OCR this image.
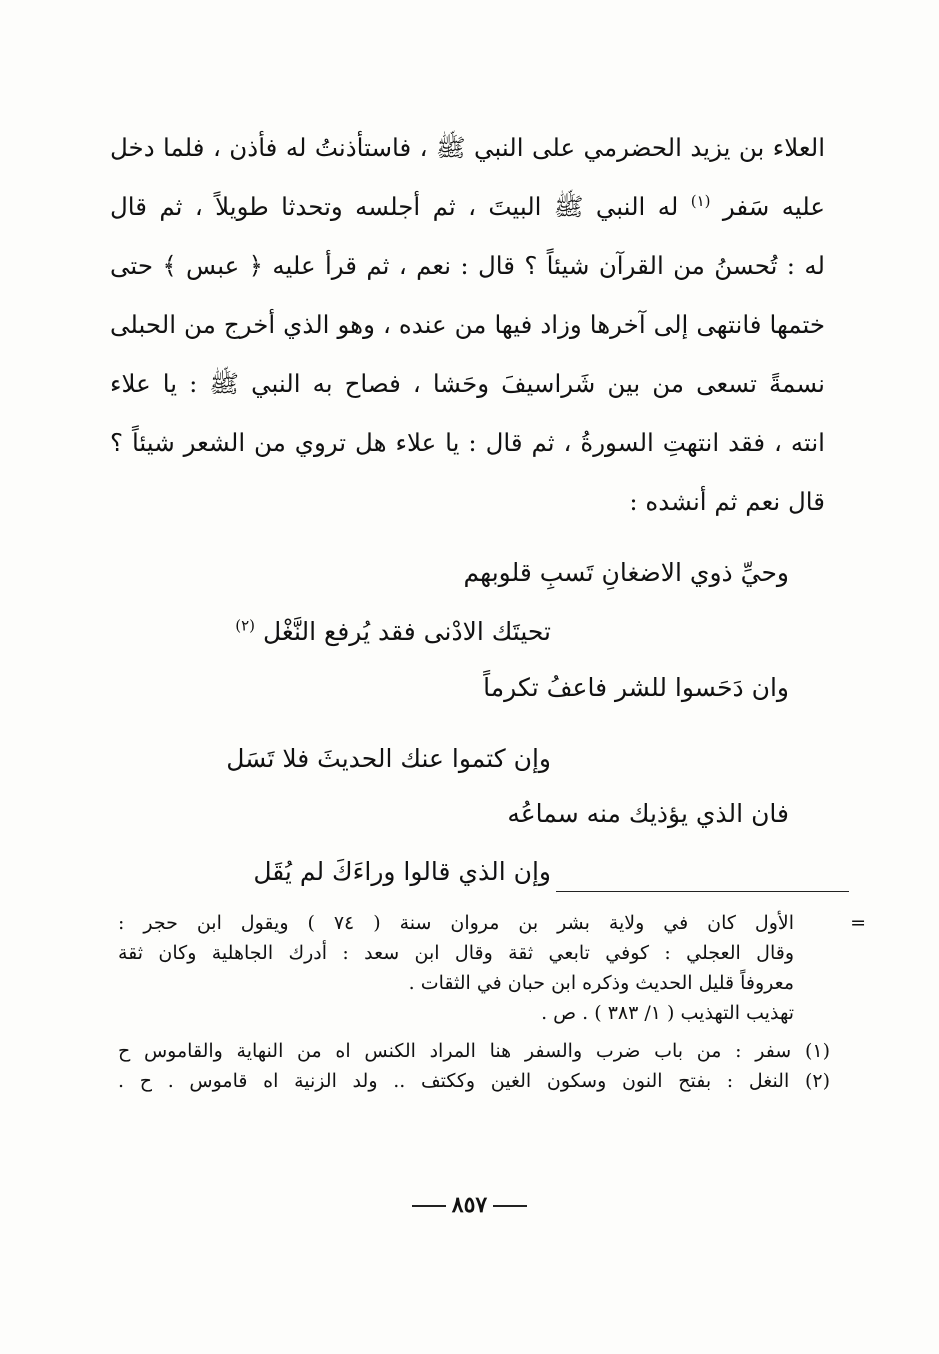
العلاء بن يزيد الحضرمي على النبي ﷺ ، فاستأذنتُ له فأذن ، فلما دخل
عليه سَفر $^{(١)}$ له النبي ﷺ البيتَ ، ثم أجلسه وتحدثا طويلاً ، ثم قال
له : تُحسنُ من القرآن شيئاً ؟ قال : نعم ، ثم قرأ عليه ﴿ عبس ﴾ حتى
ختمها فانتهى إلى آخرها وزاد فيها من عنده ، وهو الذي أخرج من الحبلى
نسمةً تسعى من بين شَراسيفَ وحَشا ، فصاح به النبي ﷺ : يا علاء
انته ، فقد انتهتِ السورةُ ، ثم قال : يا علاء هل تروي من الشعر شيئاً ؟
قال نعم ثم أنشده :
وحيِّ ذوي الاضغانِ تَسبِ قلوبهم
تحيتَك الادْنى فقد يُرفع النَّغْل $^{(٢)}$
وان دَحَسوا للشر فاعفُ تكرماً
وإن كتموا عنك الحديثَ فلا تَسَل
فان الذي يؤذيك منه سماعُه
وإن الذي قالوا وراءَكَ لم يُقَل
=
الأول كان في ولاية بشر بن مروان سنة ( ٧٤ ) ويقول ابن حجر :
وقال العجلي : كوفي تابعي ثقة وقال ابن سعد : أدرك الجاهلية وكان ثقة
معروفاً قليل الحديث وذكره ابن حبان في الثقات .
تهذيب التهذيب ( ١/ ٣٨٣ ) . ص .
(١) سفر : من باب ضرب والسفر هنا المراد الكنس اه من النهاية والقاموس ح
(٢) النغل : بفتح النون وسكون الغين وككتف .. ولد الزنية اه قاموس . ح .
٨٥٧
